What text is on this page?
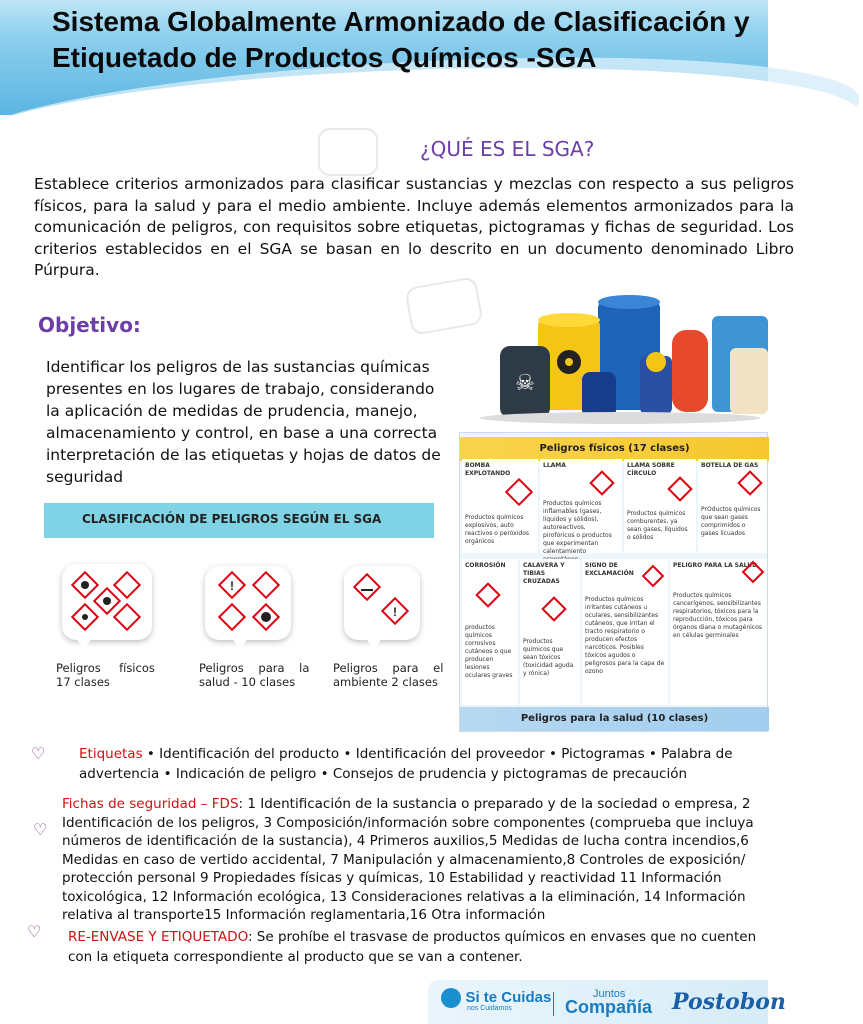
Sistema Globalmente Armonizado de Clasificación y
Etiquetado de Productos Químicos -SGA
¿QUÉ ES EL SGA?
Establece criterios armonizados para clasificar sustancias y mezclas con respecto a sus peligros físicos, para la salud y para el medio ambiente. Incluye además elementos armonizados para la comunicación de peligros, con requisitos sobre etiquetas, pictogramas y fichas de seguridad. Los criterios establecidos en el SGA se basan en lo descrito en un documento denominado Libro Púrpura.
Objetivo:
Identificar los peligros de las sustancias químicas presentes en los lugares de trabajo, considerando la aplicación de medidas de prudencia, manejo, almacenamiento y control, en base a una correcta interpretación de las etiquetas y hojas de datos de seguridad
☠
Peligros físicos (17 clases)
BOMBA EXPLOTANDO
Productos químicos explosivos, auto reactivos o peróxidos orgánicos
LLAMA
Productos químicos inflamables (gases, líquidos y sólidos), autoreactivos, pirofóricos o productos que experimentan calentamiento
LLAMA SOBRE CÍRCULO
Productos químicos comburentes, ya sean gases, líquidos o sólidos
BOTELLA DE GAS
PrOductos químicos que sean gases comprimidos o gases licuados
CORROSIÓN
productos químicos corrosivos cutáneos o que producen lesiones oculares graves
CALAVERA Y TIBIAS CRUZADAS
Productos químicos que sean tóxicos (toxicidad aguda y rónica)
SIGNO DE EXCLAMACIÓN
Productos químicos irritantes cutáneos u oculares, sensibilizantes cutáneos, que irritan el tracto respiratorio o producen efectos narcóticos. Posibles tóxicos agudos o peligrosos para la capa de ozono
PELIGRO PARA LA SALUD
Productos químicos cancerígenos, sensibilizantes respiratorios, tóxicos para la reproducción, tóxicos para órganos diana o mutagénicos en células germinales
Peligros para la salud (10 clases)
CLASIFICACIÓN DE PELIGROS SEGÚN EL SGA
!
!
Peligros     físicos
17 clases
Peligros    para    la
salud - 10 clases
Peligros    para    el
ambiente 2 clases
♡ Etiquetas • Identificación del producto • Identificación del proveedor • Pictogramas • Palabra de advertencia • Indicación de peligro • Consejos de prudencia y pictogramas de precaución
♡
Fichas de seguridad – FDS: 1 Identificación de la sustancia o preparado y de la sociedad o empresa, 2 Identificación de los peligros, 3 Composición/información sobre componentes (comprueba que incluya números de identificación de la sustancia), 4 Primeros auxilios,5 Medidas de lucha contra incendios,6 Medidas en caso de vertido accidental, 7 Manipulación y almacenamiento,8 Controles de exposición/ protección personal 9 Propiedades físicas y químicas, 10 Estabilidad y reactividad 11 Información toxicológica, 12 Información ecológica, 13 Consideraciones relativas a la eliminación, 14 Información relativa al transporte15 Información reglamentaria,16 Otra información
♡ RE-ENVASE Y ETIQUETADO: Se prohíbe el trasvase de productos químicos en envases que no cuenten con la etiqueta correspondiente al producto que se van a contener.
Si te Cuidas
nos Cuidamos
Juntos
Compañía Postobon
